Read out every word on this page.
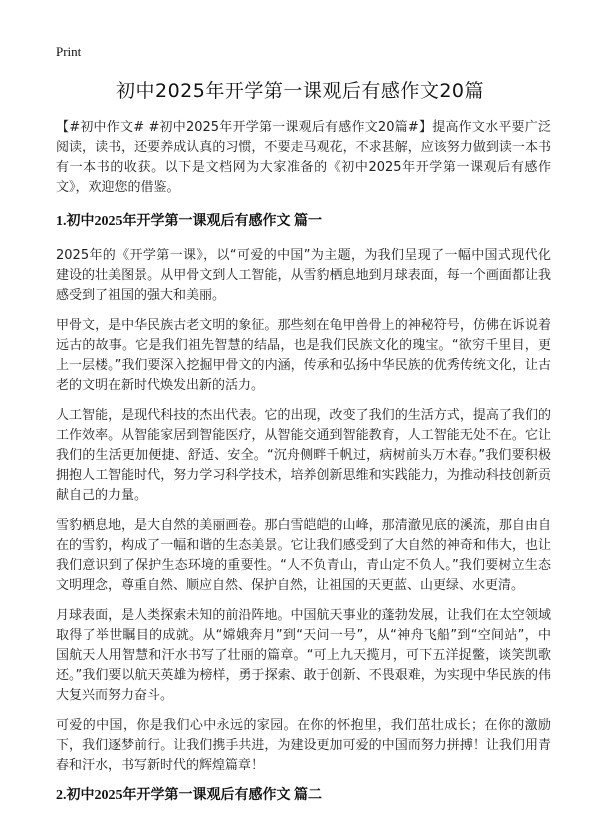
Print
初中2025年开学第一课观后有感作文20篇

【#初中作文# #初中2025年开学第一课观后有感作文20篇#】提高作文水平要广泛阅读，读书，还要养成认真的习惯，不要走马观花，不求甚解，应该努力做到读一本书有一本书的收获。以下是文档网为大家准备的《初中2025年开学第一课观后有感作文》，欢迎您的借鉴。

1.初中2025年开学第一课观后有感作文 篇一

2025年的《开学第一课》，以“可爱的中国”为主题，为我们呈现了一幅中国式现代化建设的壮美图景。从甲骨文到人工智能，从雪豹栖息地到月球表面，每一个画面都让我感受到了祖国的强大和美丽。

甲骨文，是中华民族古老文明的象征。那些刻在龟甲兽骨上的神秘符号，仿佛在诉说着远古的故事。它是我们祖先智慧的结晶，也是我们民族文化的瑰宝。“欲穷千里目，更上一层楼。”我们要深入挖掘甲骨文的内涵，传承和弘扬中华民族的优秀传统文化，让古老的文明在新时代焕发出新的活力。

人工智能，是现代科技的杰出代表。它的出现，改变了我们的生活方式，提高了我们的工作效率。从智能家居到智能医疗，从智能交通到智能教育，人工智能无处不在。它让我们的生活更加便捷、舒适、安全。“沉舟侧畔千帆过，病树前头万木春。”我们要积极拥抱人工智能时代，努力学习科学技术，培养创新思维和实践能力，为推动科技创新贡献自己的力量。

雪豹栖息地，是大自然的美丽画卷。那白雪皑皑的山峰，那清澈见底的溪流，那自由自在的雪豹，构成了一幅和谐的生态美景。它让我们感受到了大自然的神奇和伟大，也让我们意识到了保护生态环境的重要性。“人不负青山，青山定不负人。”我们要树立生态文明理念，尊重自然、顺应自然、保护自然，让祖国的天更蓝、山更绿、水更清。

月球表面，是人类探索未知的前沿阵地。中国航天事业的蓬勃发展，让我们在太空领域取得了举世瞩目的成就。从“嫦娥奔月”到“天问一号”，从“神舟飞船”到“空间站”，中国航天人用智慧和汗水书写了壮丽的篇章。“可上九天揽月，可下五洋捉鳖，谈笑凯歌还。”我们要以航天英雄为榜样，勇于探索、敢于创新、不畏艰难，为实现中华民族的伟大复兴而努力奋斗。

可爱的中国，你是我们心中永远的家园。在你的怀抱里，我们茁壮成长；在你的激励下，我们逐梦前行。让我们携手共进，为建设更加可爱的中国而努力拼搏！让我们用青春和汗水，书写新时代的辉煌篇章！

2.初中2025年开学第一课观后有感作文 篇二
